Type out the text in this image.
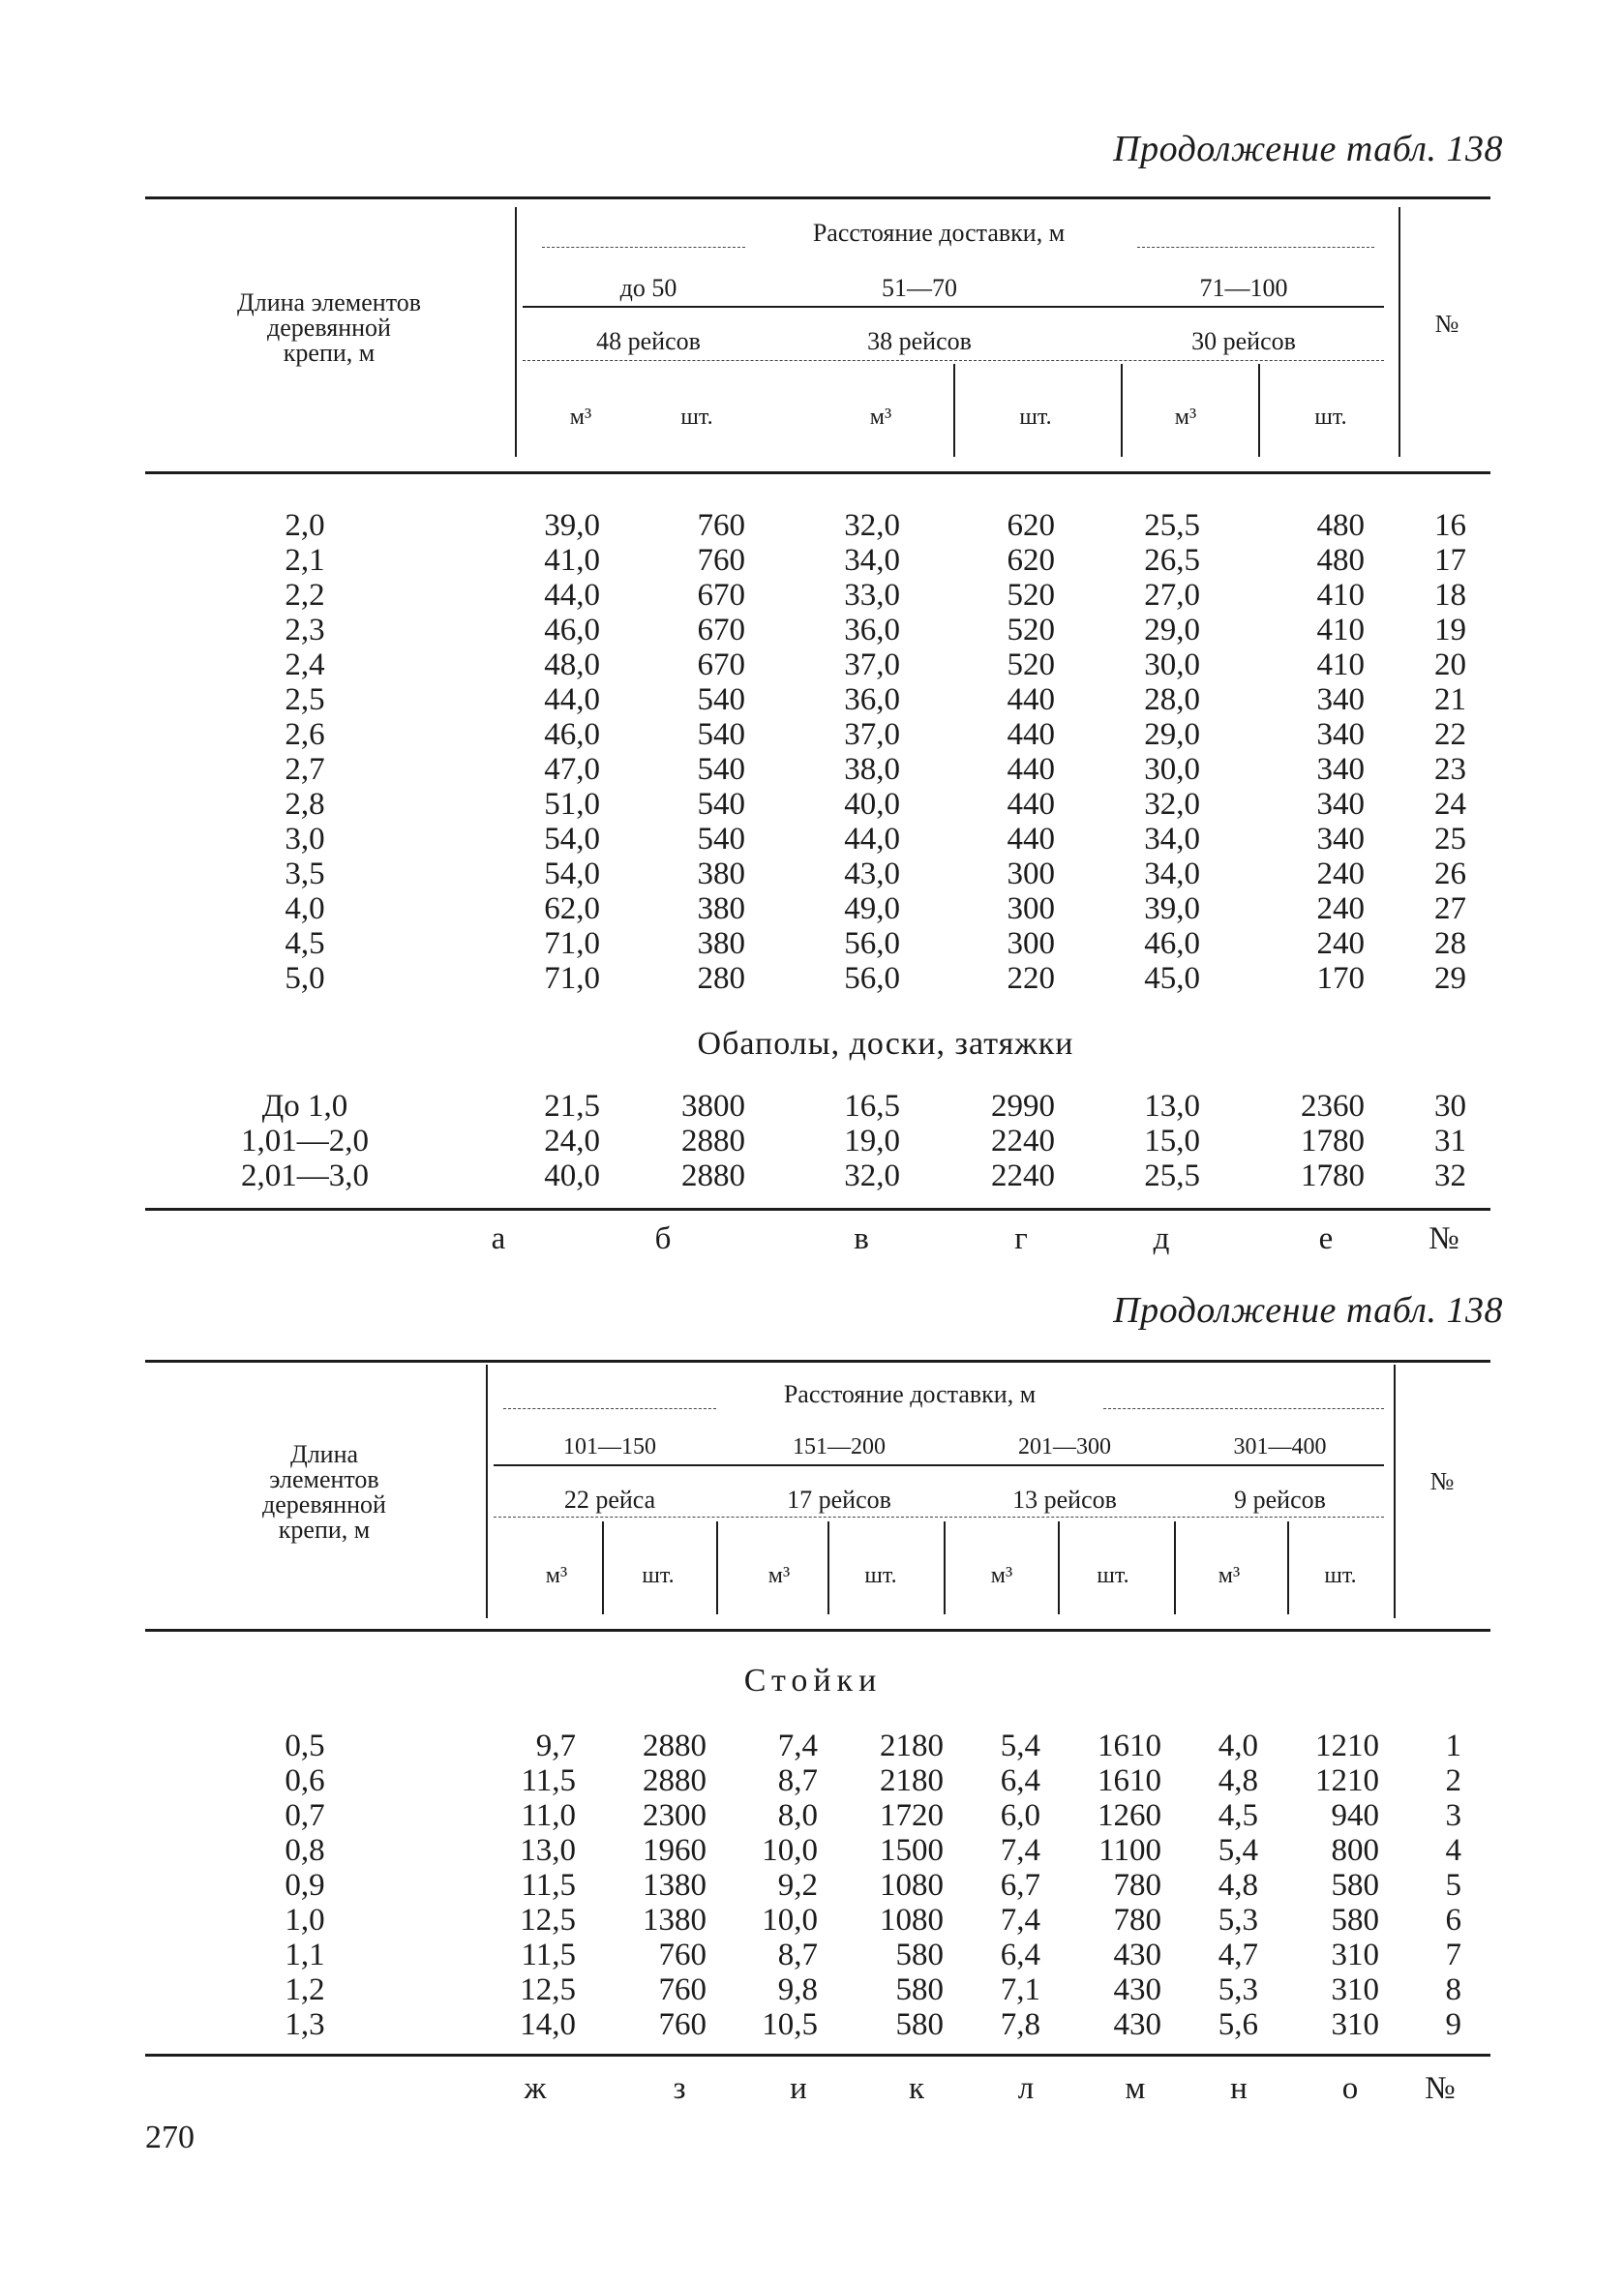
Продолжение табл. 138
Длина элементов
деревянной
крепи, м
Расстояние доставки, м
до 50	51—70	71—100
48 рейсов	38 рейсов	30 рейсов
м³	шт.	м³	шт.	м³	шт.
№
2,0	39,0	760	32,0	620	25,5	480	16
2,1	41,0	760	34,0	620	26,5	480	17
2,2	44,0	670	33,0	520	27,0	410	18
2,3	46,0	670	36,0	520	29,0	410	19
2,4	48,0	670	37,0	520	30,0	410	20
2,5	44,0	540	36,0	440	28,0	340	21
2,6	46,0	540	37,0	440	29,0	340	22
2,7	47,0	540	38,0	440	30,0	340	23
2,8	51,0	540	40,0	440	32,0	340	24
3,0	54,0	540	44,0	440	34,0	340	25
3,5	54,0	380	43,0	300	34,0	240	26
4,0	62,0	380	49,0	300	39,0	240	27
4,5	71,0	380	56,0	300	46,0	240	28
5,0	71,0	280	56,0	220	45,0	170	29
Обаполы, доски, затяжки
До 1,0	21,5	3800	16,5	2990	13,0	2360	30
1,01—2,0	24,0	2880	19,0	2240	15,0	1780	31
2,01—3,0	40,0	2880	32,0	2240	25,5	1780	32
а	б	в	г	д	е	№
Продолжение табл. 138
Длина
элементов
деревянной
крепи, м
Расстояние доставки, м
101—150	151—200	201—300	301—400
22 рейса	17 рейсов	13 рейсов	9 рейсов
м³	шт.	м³	шт.	м³	шт.	м³	шт.
№
Стойки
0,5	9,7	2880	7,4	2180	5,4	1610	4,0	1210	1
0,6	11,5	2880	8,7	2180	6,4	1610	4,8	1210	2
0,7	11,0	2300	8,0	1720	6,0	1260	4,5	940	3
0,8	13,0	1960	10,0	1500	7,4	1100	5,4	800	4
0,9	11,5	1380	9,2	1080	6,7	780	4,8	580	5
1,0	12,5	1380	10,0	1080	7,4	780	5,3	580	6
1,1	11,5	760	8,7	580	6,4	430	4,7	310	7
1,2	12,5	760	9,8	580	7,1	430	5,3	310	8
1,3	14,0	760	10,5	580	7,8	430	5,6	310	9
ж	з	и	к	л	м	н	о	№
270
